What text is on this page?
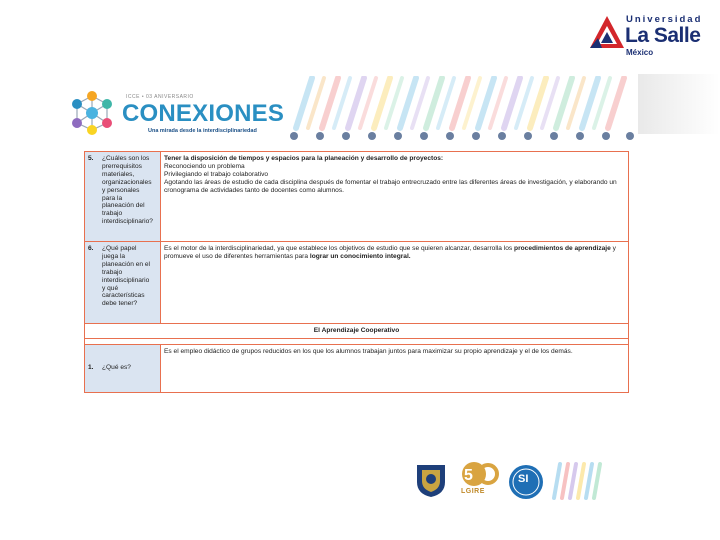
Universidad
La Salle
México
ICCE • 03 ANIVERSARIO
CONEXIONES
Una mirada desde la interdisciplinariedad
5. ¿Cuáles son los prerrequisitos materiales, organizacionales y personales para la planeación del trabajo interdisciplinario?	Tener la disposición de tiempos y espacios para la planeación y desarrollo de proyectos:
Reconociendo un problema
Privilegiando el trabajo colaborativo
Agotando las áreas de estudio de cada disciplina después de fomentar el trabajo entrecruzado entre las diferentes áreas de investigación, y elaborando un cronograma de actividades tanto de docentes como alumnos.

6. ¿Qué papel juega la planeación en el trabajo interdisciplinario y qué características debe tener?	Es el motor de la interdisciplinariedad, ya que establece los objetivos de estudio que se quieren alcanzar, desarrolla los procedimientos de aprendizaje y promueve el uso de diferentes herramientas para lograr un conocimiento integral.
El Aprendizaje Cooperativo	

1. ¿Qué es?	Es el empleo didáctico de grupos reducidos en los que los alumnos trabajan juntos para maximizar su propio aprendizaje y el de los demás.
5
LGIRE
SI
